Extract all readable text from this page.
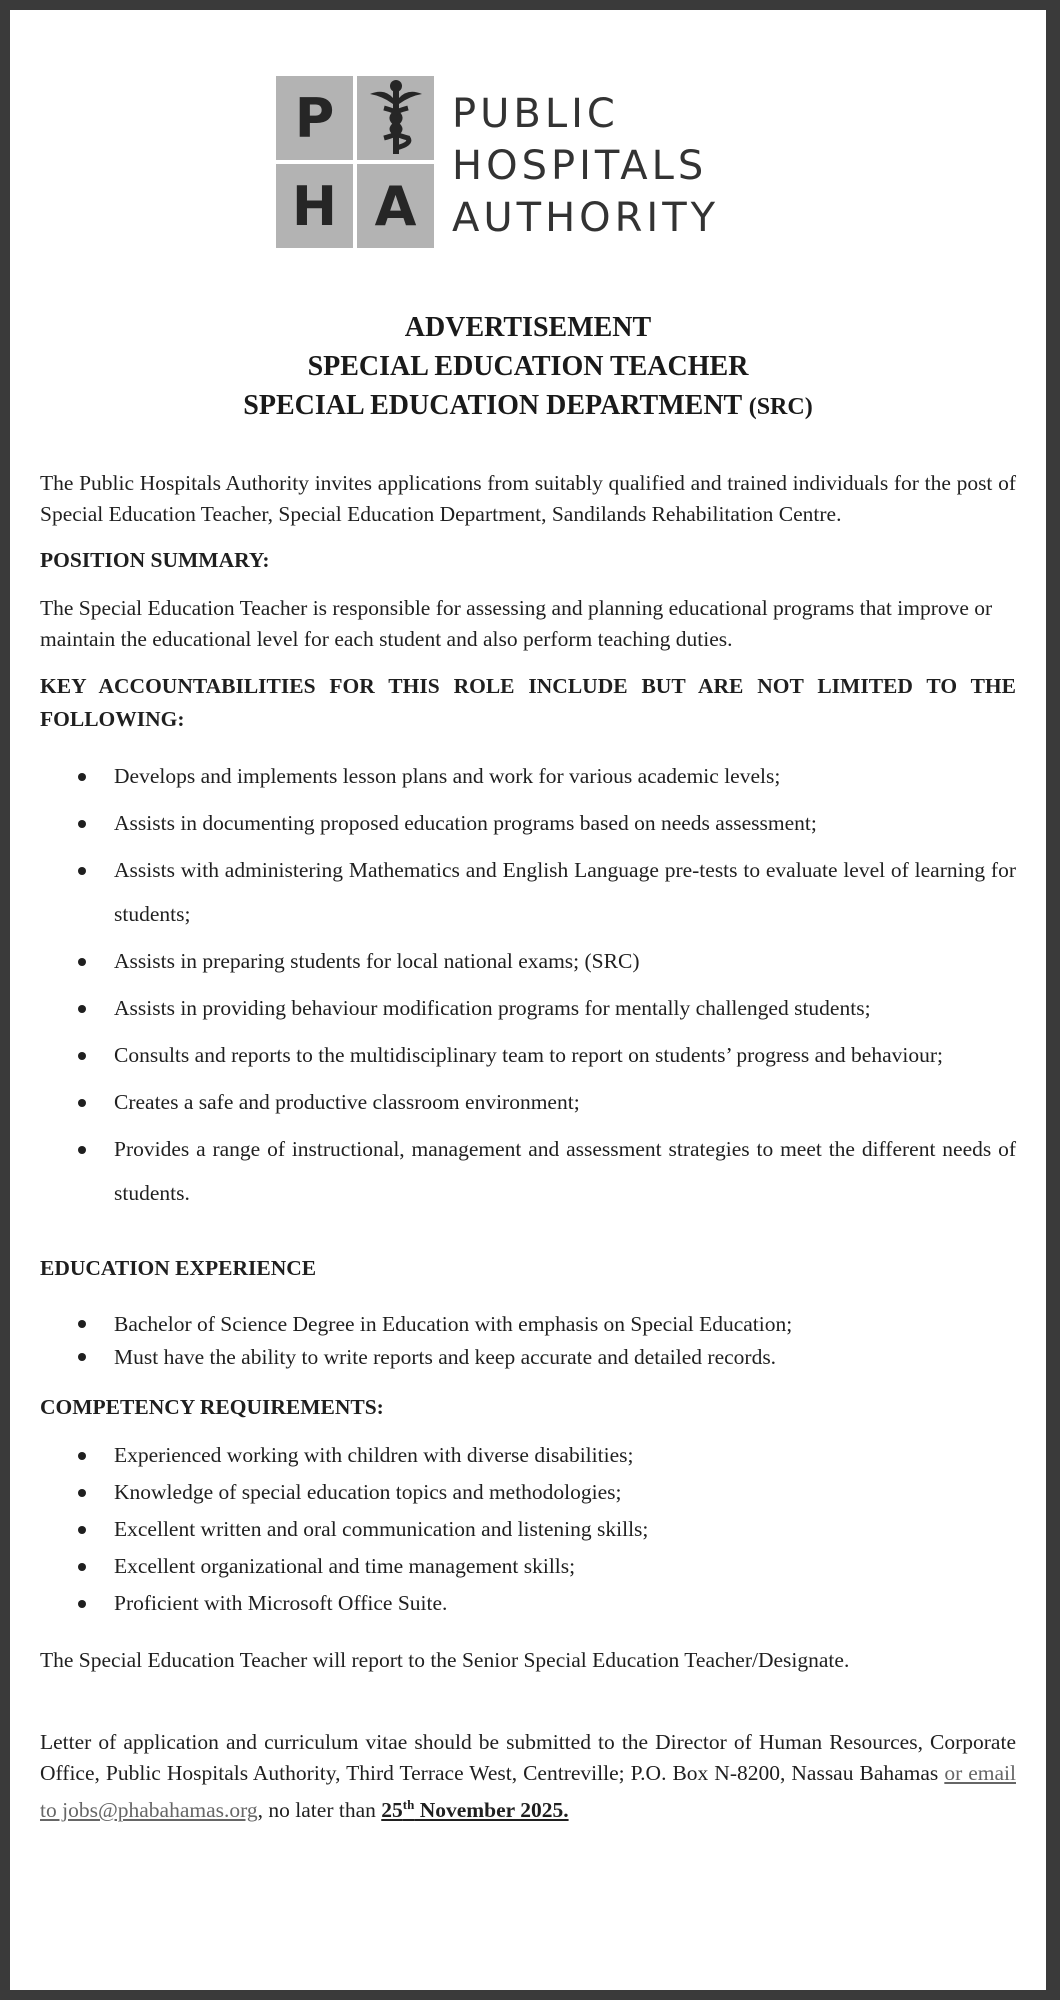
P
H A
PUBLIC
HOSPITALS
AUTHORITY
ADVERTISEMENT
SPECIAL EDUCATION TEACHER
SPECIAL EDUCATION DEPARTMENT (SRC)

The Public Hospitals Authority invites applications from suitably qualified and trained individuals for the post of Special Education Teacher, Special Education Department, Sandilands Rehabilitation Centre.

POSITION SUMMARY:

The Special Education Teacher is responsible for assessing and planning educational programs that improve or maintain the educational level for each student and also perform teaching duties.

KEY ACCOUNTABILITIES FOR THIS ROLE INCLUDE BUT ARE NOT LIMITED TO THE FOLLOWING:

Develops and implements lesson plans and work for various academic levels;
Assists in documenting proposed education programs based on needs assessment;
Assists with administering Mathematics and English Language pre-tests to evaluate level of learning for students;
Assists in preparing students for local national exams; (SRC)
Assists in providing behaviour modification programs for mentally challenged students;
Consults and reports to the multidisciplinary team to report on students’ progress and behaviour;
Creates a safe and productive classroom environment;
Provides a range of instructional, management and assessment strategies to meet the different needs of students.

EDUCATION EXPERIENCE

Bachelor of Science Degree in Education with emphasis on Special Education;
Must have the ability to write reports and keep accurate and detailed records.

COMPETENCY REQUIREMENTS:

Experienced working with children with diverse disabilities;
Knowledge of special education topics and methodologies;
Excellent written and oral communication and listening skills;
Excellent organizational and time management skills;
Proficient with Microsoft Office Suite.

The Special Education Teacher will report to the Senior Special Education Teacher/Designate.

Letter of application and curriculum vitae should be submitted to the Director of Human Resources, Corporate Office, Public Hospitals Authority, Third Terrace West, Centreville; P.O. Box N-8200, Nassau Bahamas or email to jobs@phabahamas.org, no later than 25th November 2025.
